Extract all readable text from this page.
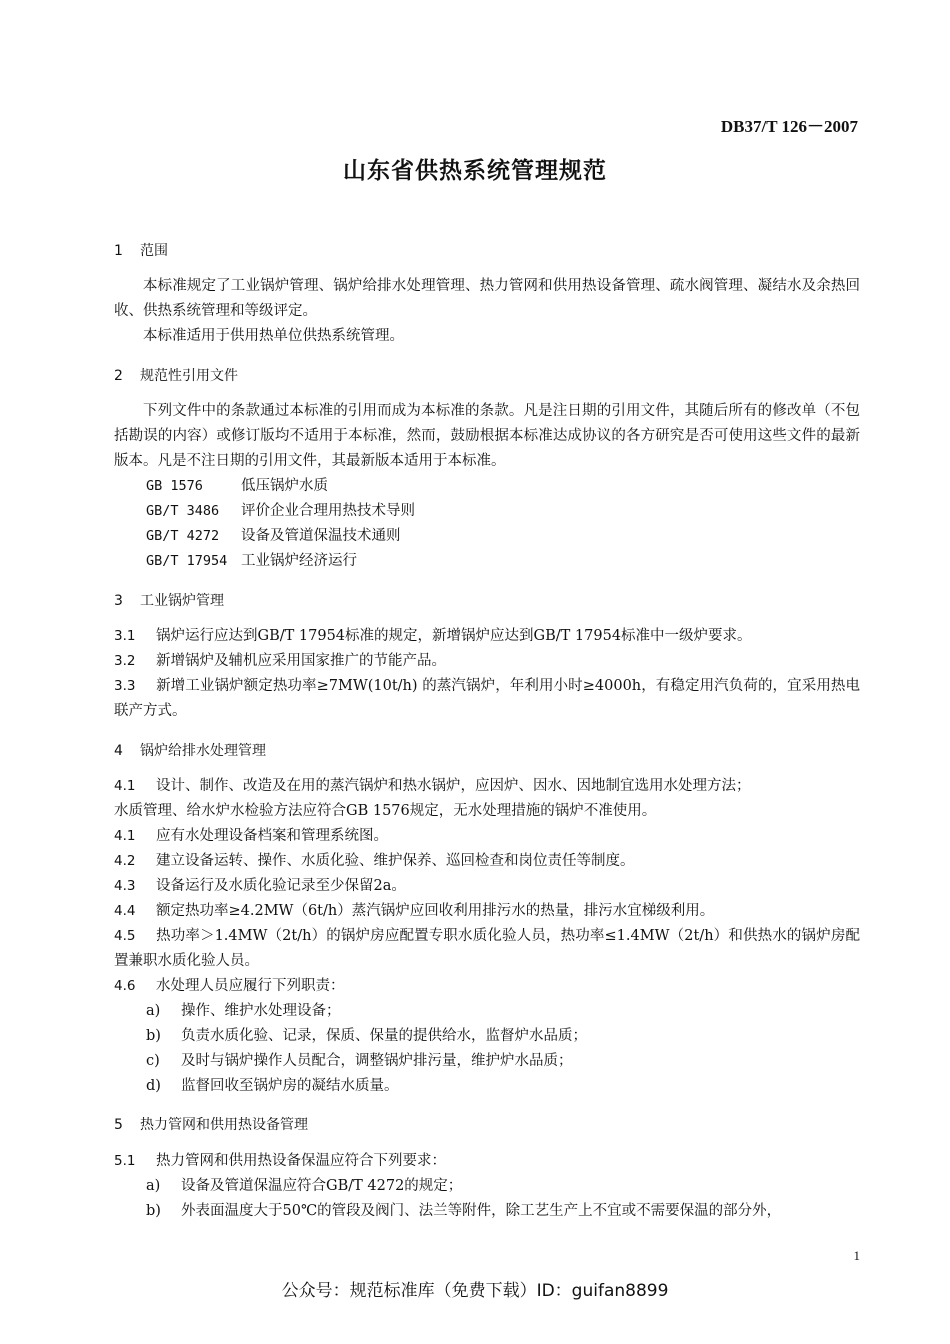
DB37/T 126－2007
山东省供热系统管理规范
1 范围
本标准规定了工业锅炉管理、锅炉给排水处理管理、热力管网和供用热设备管理、疏水阀管理、凝结水及余热回收、供热系统管理和等级评定。
本标准适用于供用热单位供热系统管理。
2 规范性引用文件
下列文件中的条款通过本标准的引用而成为本标准的条款。凡是注日期的引用文件，其随后所有的修改单（不包括勘误的内容）或修订版均不适用于本标准，然而，鼓励根据本标准达成协议的各方研究是否可使用这些文件的最新版本。凡是不注日期的引用文件，其最新版本适用于本标准。
GB 1576	低压锅炉水质
GB/T 3486 评价企业合理用热技术导则
GB/T 4272 设备及管道保温技术通则
GB/T 17954 工业锅炉经济运行
3 工业锅炉管理
3.1 锅炉运行应达到GB/T 17954标准的规定，新增锅炉应达到GB/T 17954标准中一级炉要求。
3.2 新增锅炉及辅机应采用国家推广的节能产品。
3.3 新增工业锅炉额定热功率≥7MW(10t/h) 的蒸汽锅炉，年利用小时≥4000h，有稳定用汽负荷的，宜采用热电联产方式。
4 锅炉给排水处理管理
4.1 设计、制作、改造及在用的蒸汽锅炉和热水锅炉，应因炉、因水、因地制宜选用水处理方法；
水质管理、给水炉水检验方法应符合GB 1576规定，无水处理措施的锅炉不准使用。
4.1 应有水处理设备档案和管理系统图。
4.2 建立设备运转、操作、水质化验、维护保养、巡回检查和岗位责任等制度。
4.3 设备运行及水质化验记录至少保留2a。
4.4 额定热功率≥4.2MW（6t/h）蒸汽锅炉应回收利用排污水的热量，排污水宜梯级利用。
4.5 热功率＞1.4MW（2t/h）的锅炉房应配置专职水质化验人员，热功率≤1.4MW（2t/h）和供热水的锅炉房配置兼职水质化验人员。
4.6 水处理人员应履行下列职责：
a) 操作、维护水处理设备；
b) 负责水质化验、记录，保质、保量的提供给水，监督炉水品质；
c) 及时与锅炉操作人员配合，调整锅炉排污量，维护炉水品质；
d) 监督回收至锅炉房的凝结水质量。
5 热力管网和供用热设备管理
5.1 热力管网和供用热设备保温应符合下列要求：
a) 设备及管道保温应符合GB/T 4272的规定；
b) 外表面温度大于50℃的管段及阀门、法兰等附件，除工艺生产上不宜或不需要保温的部分外，
1
公众号：规范标准库（免费下载）ID：guifan8899
